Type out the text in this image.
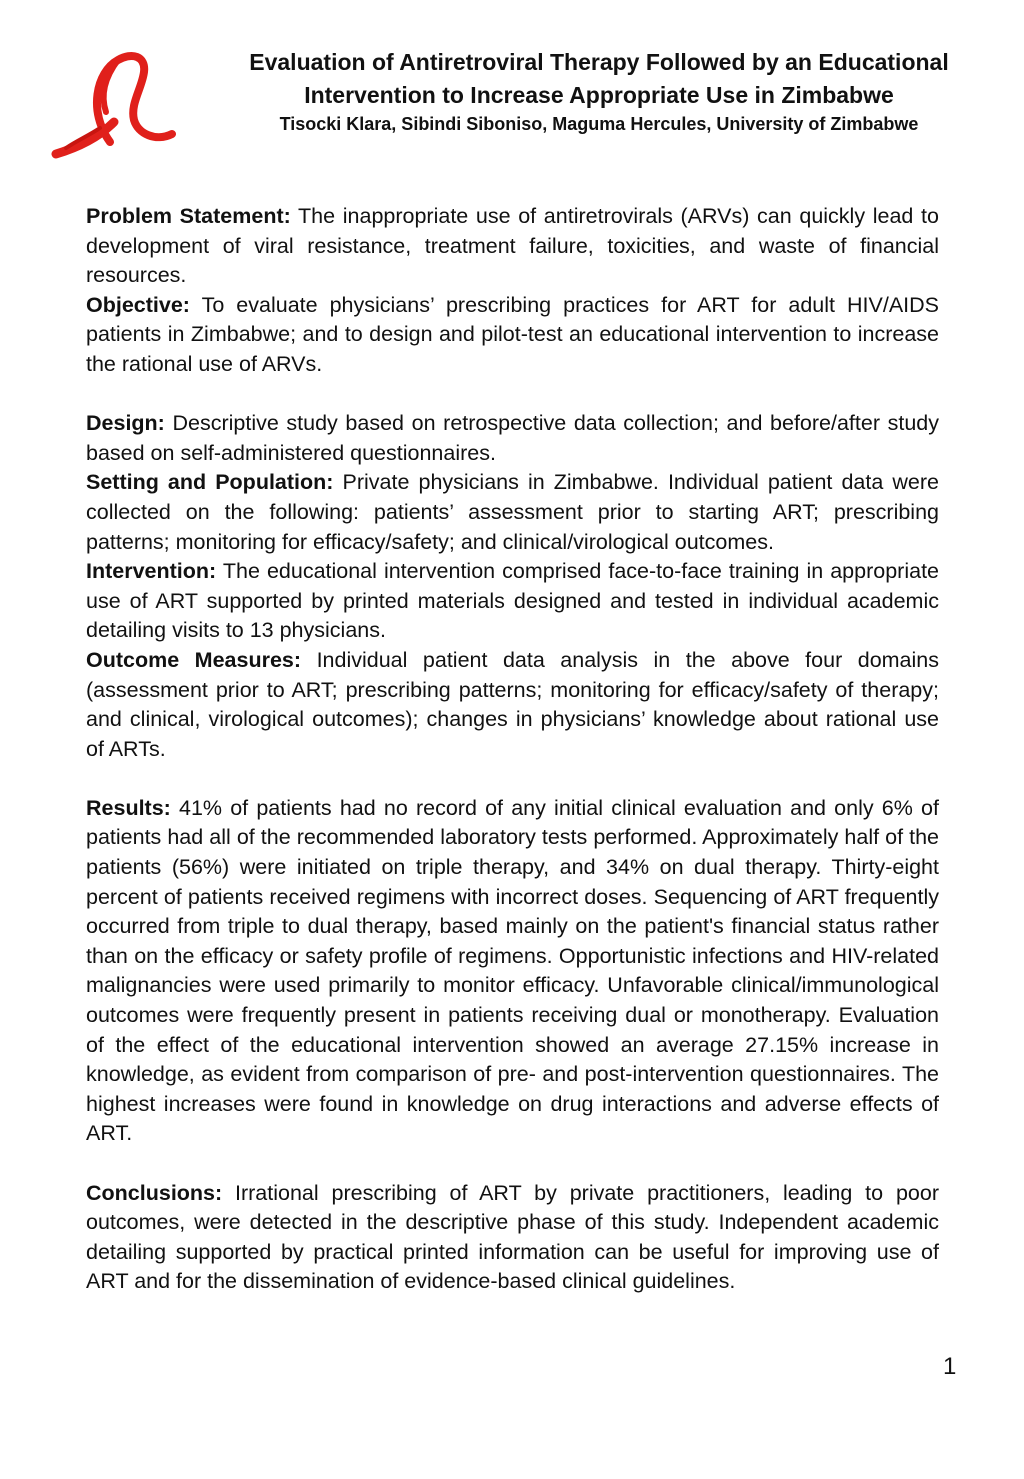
Evaluation of Antiretroviral Therapy Followed by an Educational
Intervention to Increase Appropriate Use in Zimbabwe
Tisocki Klara, Sibindi Siboniso, Maguma Hercules, University of Zimbabwe

Problem Statement: The inappropriate use of antiretrovirals (ARVs) can quickly lead to development of viral resistance, treatment failure, toxicities, and waste of financial resources.

Objective: To evaluate physicians’ prescribing practices for ART for adult HIV/AIDS patients in Zimbabwe; and to design and pilot-test an educational intervention to increase the rational use of ARVs.

Design: Descriptive study based on retrospective data collection; and before/after study based on self-administered questionnaires.

Setting and Population: Private physicians in Zimbabwe. Individual patient data were collected on the following: patients’ assessment prior to starting ART; prescribing patterns; monitoring for efficacy/safety; and clinical/virological outcomes.

Intervention: The educational intervention comprised face-to-face training in appropriate use of ART supported by printed materials designed and tested in individual academic detailing visits to 13 physicians.

Outcome Measures: Individual patient data analysis in the above four domains (assessment prior to ART; prescribing patterns; monitoring for efficacy/safety of therapy; and clinical, virological outcomes); changes in physicians’ knowledge about rational use of ARTs.

Results: 41% of patients had no record of any initial clinical evaluation and only 6% of patients had all of the recommended laboratory tests performed. Approximately half of the patients (56%) were initiated on triple therapy, and 34% on dual therapy. Thirty-eight percent of patients received regimens with incorrect doses. Sequencing of ART frequently occurred from triple to dual therapy, based mainly on the patient's financial status rather than on the efficacy or safety profile of regimens. Opportunistic infections and HIV-related malignancies were used primarily to monitor efficacy. Unfavorable clinical/immunological outcomes were frequently present in patients receiving dual or monotherapy. Evaluation of the effect of the educational intervention showed an average 27.15% increase in knowledge, as evident from comparison of pre- and post-intervention questionnaires. The highest increases were found in knowledge on drug interactions and adverse effects of ART.

Conclusions: Irrational prescribing of ART by private practitioners, leading to poor outcomes, were detected in the descriptive phase of this study. Independent academic detailing supported by practical printed information can be useful for improving use of ART and for the dissemination of evidence-based clinical guidelines.

1
